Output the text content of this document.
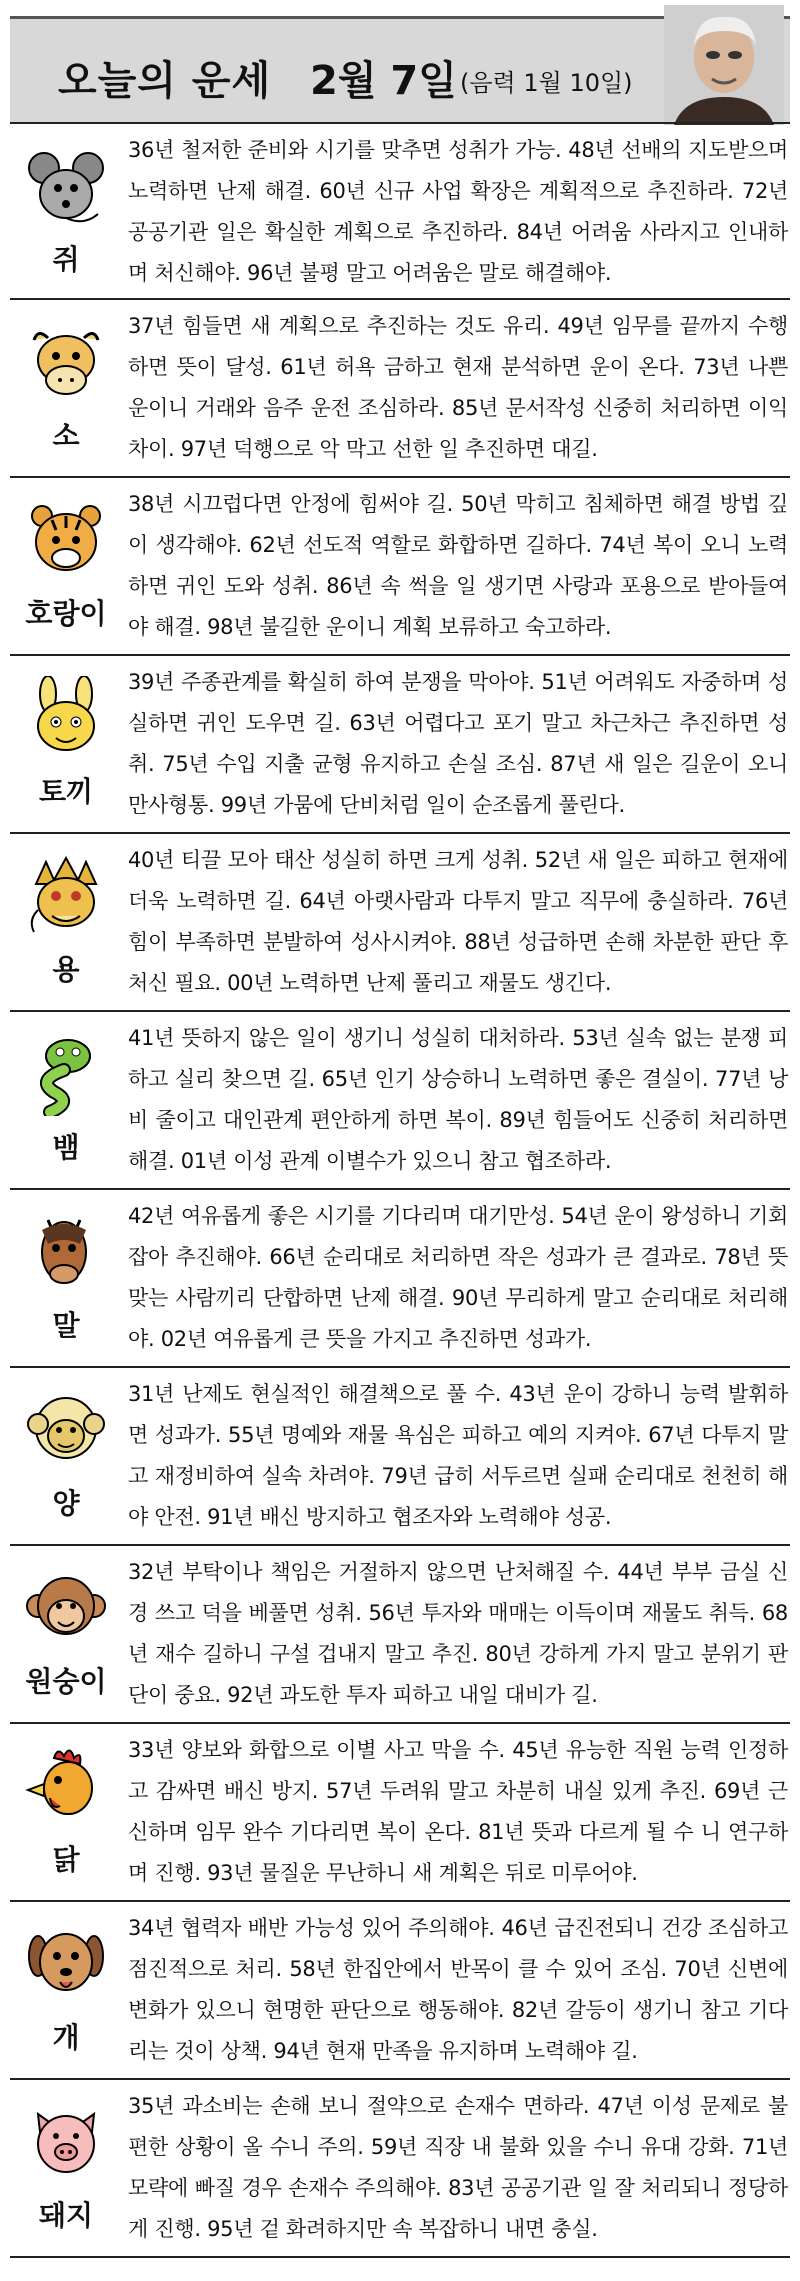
오늘의 운세 2월 7일 (음력 1월 10일)
쥐
36년 철저한 준비와 시기를 맞추면 성취가 가능. 48년 선배의 지도받으며 노력하면 난제 해결. 60년 신규 사업 확장은 계획적으로 추진하라. 72년 공공기관 일은 확실한 계획으로 추진하라. 84년 어려움 사라지고 인내하며 처신해야. 96년 불평 말고 어려움은 말로 해결해야.
소
37년 힘들면 새 계획으로 추진하는 것도 유리. 49년 임무를 끝까지 수행하면 뜻이 달성. 61년 허욕 금하고 현재 분석하면 운이 온다. 73년 나쁜 운이니 거래와 음주 운전 조심하라. 85년 문서작성 신중히 처리하면 이익 차이. 97년 덕행으로 악 막고 선한 일 추진하면 대길.
호랑이
38년 시끄럽다면 안정에 힘써야 길. 50년 막히고 침체하면 해결 방법 깊이 생각해야. 62년 선도적 역할로 화합하면 길하다. 74년 복이 오니 노력하면 귀인 도와 성취. 86년 속 썩을 일 생기면 사랑과 포용으로 받아들여야 해결. 98년 불길한 운이니 계획 보류하고 숙고하라.
토끼
39년 주종관계를 확실히 하여 분쟁을 막아야. 51년 어려워도 자중하며 성실하면 귀인 도우면 길. 63년 어렵다고 포기 말고 차근차근 추진하면 성취. 75년 수입 지출 균형 유지하고 손실 조심. 87년 새 일은 길운이 오니 만사형통. 99년 가뭄에 단비처럼 일이 순조롭게 풀린다.
용
40년 티끌 모아 태산 성실히 하면 크게 성취. 52년 새 일은 피하고 현재에 더욱 노력하면 길. 64년 아랫사람과 다투지 말고 직무에 충실하라. 76년 힘이 부족하면 분발하여 성사시켜야. 88년 성급하면 손해 차분한 판단 후 처신 필요. 00년 노력하면 난제 풀리고 재물도 생긴다.
뱀
41년 뜻하지 않은 일이 생기니 성실히 대처하라. 53년 실속 없는 분쟁 피하고 실리 찾으면 길. 65년 인기 상승하니 노력하면 좋은 결실이. 77년 낭비 줄이고 대인관계 편안하게 하면 복이. 89년 힘들어도 신중히 처리하면 해결. 01년 이성 관계 이별수가 있으니 참고 협조하라.
말
42년 여유롭게 좋은 시기를 기다리며 대기만성. 54년 운이 왕성하니 기회 잡아 추진해야. 66년 순리대로 처리하면 작은 성과가 큰 결과로. 78년 뜻 맞는 사람끼리 단합하면 난제 해결. 90년 무리하게 말고 순리대로 처리해야. 02년 여유롭게 큰 뜻을 가지고 추진하면 성과가.
양
31년 난제도 현실적인 해결책으로 풀 수. 43년 운이 강하니 능력 발휘하면 성과가. 55년 명예와 재물 욕심은 피하고 예의 지켜야. 67년 다투지 말고 재정비하여 실속 차려야. 79년 급히 서두르면 실패 순리대로 천천히 해야 안전. 91년 배신 방지하고 협조자와 노력해야 성공.
원숭이
32년 부탁이나 책임은 거절하지 않으면 난처해질 수. 44년 부부 금실 신경 쓰고 덕을 베풀면 성취. 56년 투자와 매매는 이득이며 재물도 취득. 68년 재수 길하니 구설 겁내지 말고 추진. 80년 강하게 가지 말고 분위기 판단이 중요. 92년 과도한 투자 피하고 내일 대비가 길.
닭
33년 양보와 화합으로 이별 사고 막을 수. 45년 유능한 직원 능력 인정하고 감싸면 배신 방지. 57년 두려워 말고 차분히 내실 있게 추진. 69년 근신하며 임무 완수 기다리면 복이 온다. 81년 뜻과 다르게 될 수 니 연구하며 진행. 93년 물질운 무난하니 새 계획은 뒤로 미루어야.
개
34년 협력자 배반 가능성 있어 주의해야. 46년 급진전되니 건강 조심하고 점진적으로 처리. 58년 한집안에서 반목이 클 수 있어 조심. 70년 신변에 변화가 있으니 현명한 판단으로 행동해야. 82년 갈등이 생기니 참고 기다리는 것이 상책. 94년 현재 만족을 유지하며 노력해야 길.
돼지
35년 과소비는 손해 보니 절약으로 손재수 면하라. 47년 이성 문제로 불편한 상황이 올 수니 주의. 59년 직장 내 불화 있을 수니 유대 강화. 71년 모략에 빠질 경우 손재수 주의해야. 83년 공공기관 일 잘 처리되니 정당하게 진행. 95년 겉 화려하지만 속 복잡하니 내면 충실.
